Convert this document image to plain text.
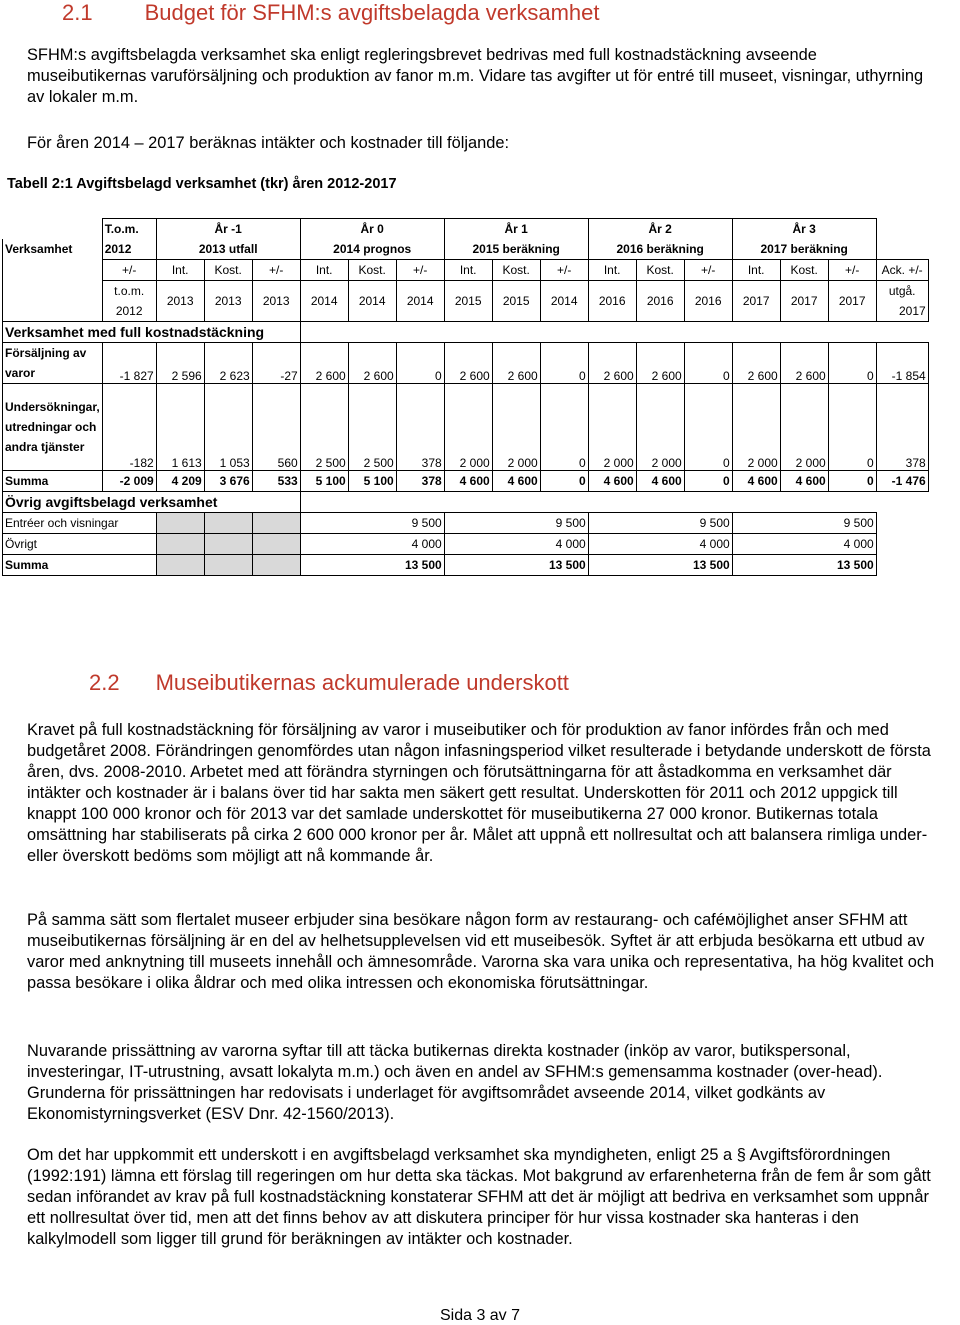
2.1 Budget för SFHM:s avgiftsbelagda verksamhet
SFHM:s avgiftsbelagda verksamhet ska enligt regleringsbrevet bedrivas med full kostnadstäckning avseende museibutikernas varuförsäljning och produktion av fanor m.m. Vidare tas avgifter ut för entré till museet, visningar, uthyrning av lokaler m.m.
För åren 2014 – 2017 beräknas intäkter och kostnader till följande:
Tabell 2:1 Avgiftsbelagd verksamhet (tkr) åren 2012-2017
	T.o.m.	År -1			År 0			År 1			År 2			År 3			
Verksamhet	2012	2013 utfall			2014 prognos			2015 beräkning			2016 beräkning			2017 beräkning			
	+/-	Int.	Kost.	+/-	Int.	Kost.	+/-	Int.	Kost.	+/-	Int.	Kost.	+/-	Int.	Kost.	+/-	Ack. +/-
	t.o.m.	2013	2013	2013	2014	2014	2014	2015	2015	2014	2016	2016	2016	2017	2017	2017	utgå.
	2012																2017
Verksamhet med full kostnadstäckning																	
Försäljning av varor	-1 827	2 596	2 623	-27	2 600	2 600	0	2 600	2 600	0	2 600	2 600	0	2 600	2 600	0	-1 854
Undersökningar, utredningar och andra tjänster	-182	1 613	1 053	560	2 500	2 500	378	2 000	2 000	0	2 000	2 000	0	2 000	2 000	0	378
Summa	-2 009	4 209	3 676	533	5 100	5 100	378	4 600	4 600	0	4 600	4 600	0	4 600	4 600	0	-1 476
Övrig avgiftsbelagd verksamhet																	
Entréer och visningar					9 500			9 500			9 500			9 500			
Övrigt					4 000			4 000			4 000			4 000			
Summa					13 500			13 500			13 500			13 500			
2.2 Museibutikernas ackumulerade underskott
Kravet på full kostnadstäckning för försäljning av varor i museibutiker och för produktion av fanor infördes från och med budgetåret 2008. Förändringen genomfördes utan någon infasningsperiod vilket resulterade i betydande underskott de första åren, dvs. 2008-2010. Arbetet med att förändra styrningen och förutsättningarna för att åstadkomma en verksamhet där intäkter och kostnader är i balans över tid har sakta men säkert gett resultat. Underskotten för 2011 och 2012 uppgick till knappt 100 000 kronor och för 2013 var det samlade underskottet för museibutikerna 27 000 kronor. Butikernas totala omsättning har stabiliserats på cirka 2 600 000 kronor per år. Målet att uppnå ett nollresultat och att balansera rimliga under- eller överskott bedöms som möjligt att nå kommande år.
På samma sätt som flertalet museer erbjuder sina besökare någon form av restaurang- och caféмöjlighet anser SFHM att museibutikernas försäljning är en del av helhetsupplevelsen vid ett museibesök. Syftet är att erbjuda besökarna ett utbud av varor med anknytning till museets innehåll och ämnesområde. Varorna ska vara unika och representativa, ha hög kvalitet och passa besökare i olika åldrar och med olika intressen och ekonomiska förutsättningar.
Nuvarande prissättning av varorna syftar till att täcka butikernas direkta kostnader (inköp av varor, butikspersonal, investeringar, IT-utrustning, avsatt lokalyta m.m.) och även en andel av SFHM:s gemensamma kostnader (over-head). Grunderna för prissättningen har redovisats i underlaget för avgiftsområdet avseende 2014, vilket godkänts av Ekonomistyrningsverket (ESV Dnr. 42-1560/2013).
Om det har uppkommit ett underskott i en avgiftsbelagd verksamhet ska myndigheten, enligt 25 a § Avgiftsförordningen (1992:191) lämna ett förslag till regeringen om hur detta ska täckas. Mot bakgrund av erfarenheterna från de fem år som gått sedan införandet av krav på full kostnadstäckning konstaterar SFHM att det är möjligt att bedriva en verksamhet som uppnår ett nollresultat över tid, men att det finns behov av att diskutera principer för hur vissa kostnader ska hanteras i den kalkylmodell som ligger till grund för beräkningen av intäkter och kostnader.
Sida 3 av 7
